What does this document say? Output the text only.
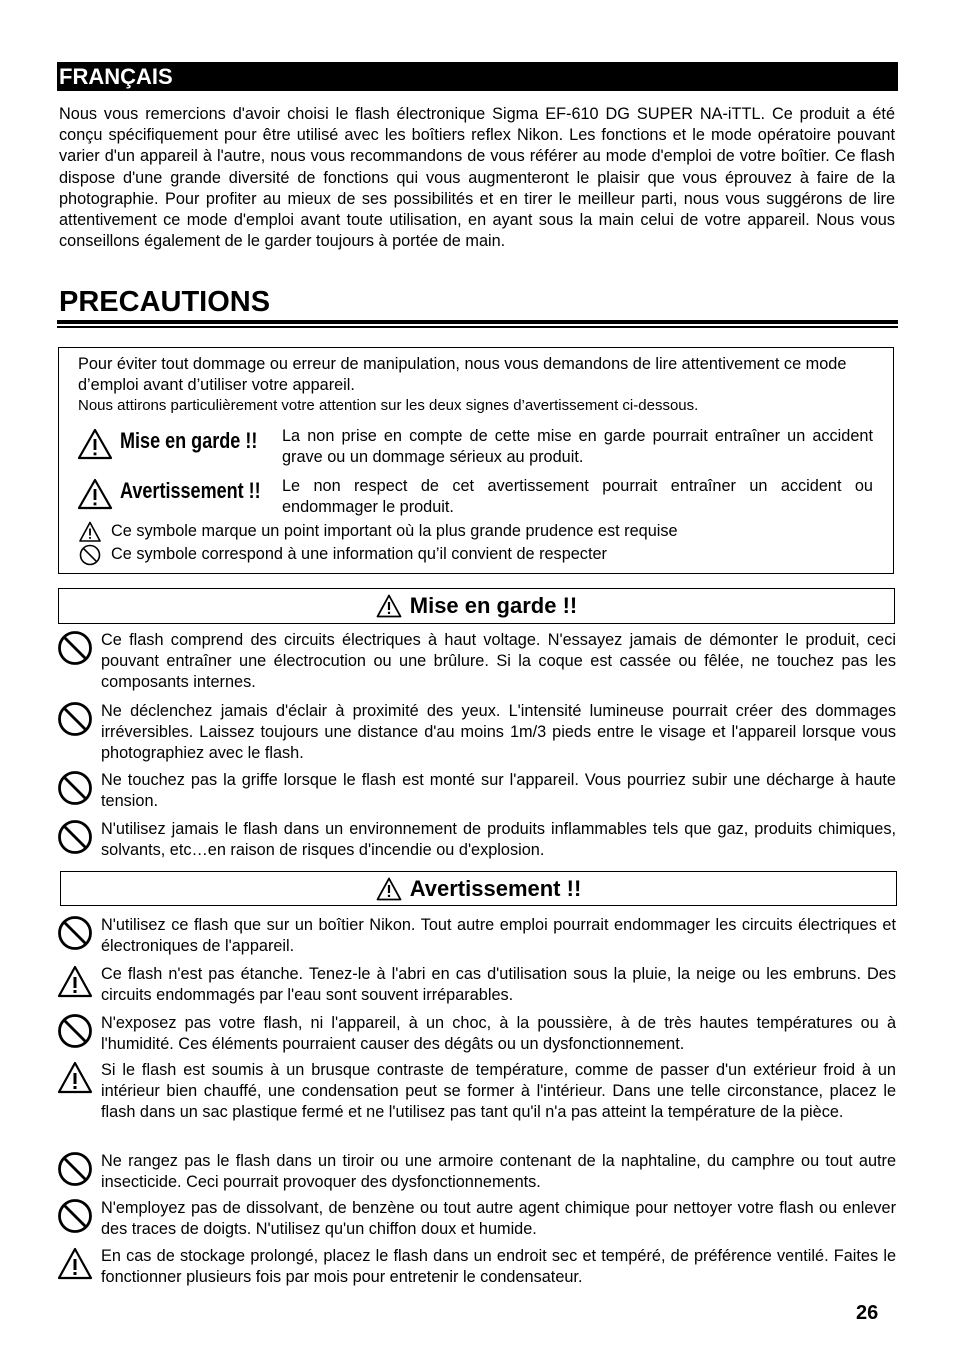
FRANÇAIS

Nous vous remercions d'avoir choisi le flash électronique Sigma EF-610 DG SUPER NA-iTTL. Ce produit a été conçu spécifiquement pour être utilisé avec les boîtiers reflex Nikon. Les fonctions et le mode opératoire pouvant varier d'un appareil à l'autre, nous vous recommandons de vous référer au mode d'emploi de votre boîtier. Ce flash dispose d'une grande diversité de fonctions qui vous augmenteront le plaisir que vous éprouvez à faire de la photographie. Pour profiter au mieux de ses possibilités et en tirer le meilleur parti, nous vous suggérons de lire attentivement ce mode d'emploi avant toute utilisation, en ayant sous la main celui de votre appareil. Nous vous conseillons également de le garder toujours à portée de main.

PRECAUTIONS

Pour éviter tout dommage ou erreur de manipulation, nous vous demandons de lire attentivement ce mode d’emploi avant d’utiliser votre appareil.

Nous attirons particulièrement votre attention sur les deux signes d’avertissement ci-dessous.

Mise en garde !! La non prise en compte de cette mise en garde pourrait entraîner un accident grave ou un dommage sérieux au produit.

Avertissement !! Le non respect de cet avertissement pourrait entraîner un accident ou endommager le produit.

Ce symbole marque un point important où la plus grande prudence est requise
Ce symbole correspond à une information qu’il convient de respecter
Mise en garde !!

Ce flash comprend des circuits électriques à haut voltage. N'essayez jamais de démonter le produit, ceci pouvant entraîner une électrocution ou une brûlure. Si la coque est cassée ou fêlée, ne touchez pas les composants internes.

Ne déclenchez jamais d'éclair à proximité des yeux. L'intensité lumineuse pourrait créer des dommages irréversibles. Laissez toujours une distance d'au moins 1m/3 pieds entre le visage et l'appareil lorsque vous photographiez avec le flash.

Ne touchez pas la griffe lorsque le flash est monté sur l'appareil. Vous pourriez subir une décharge à haute tension.

N'utilisez jamais le flash dans un environnement de produits inflammables tels que gaz, produits chimiques, solvants, etc…en raison de risques d'incendie ou d'explosion.

Avertissement !!

N'utilisez ce flash que sur un boîtier Nikon. Tout autre emploi pourrait endommager les circuits électriques et électroniques de l'appareil.

Ce flash n'est pas étanche. Tenez-le à l'abri en cas d'utilisation sous la pluie, la neige ou les embruns. Des circuits endommagés par l'eau sont souvent irréparables.

N'exposez pas votre flash, ni l'appareil, à un choc, à la poussière, à de très hautes températures ou à l'humidité. Ces éléments pourraient causer des dégâts ou un dysfonctionnement.

Si le flash est soumis à un brusque contraste de température, comme de passer d'un extérieur froid à un intérieur bien chauffé, une condensation peut se former à l'intérieur. Dans une telle circonstance, placez le flash dans un sac plastique fermé et ne l'utilisez pas tant qu'il n'a pas atteint la température de la pièce.

Ne rangez pas le flash dans un tiroir ou une armoire contenant de la naphtaline, du camphre ou tout autre insecticide. Ceci pourrait provoquer des dysfonctionnements.

N'employez pas de dissolvant, de benzène ou tout autre agent chimique pour nettoyer votre flash ou enlever des traces de doigts. N'utilisez qu'un chiffon doux et humide.

En cas de stockage prolongé, placez le flash dans un endroit sec et tempéré, de préférence ventilé. Faites le fonctionner plusieurs fois par mois pour entretenir le condensateur.

26
